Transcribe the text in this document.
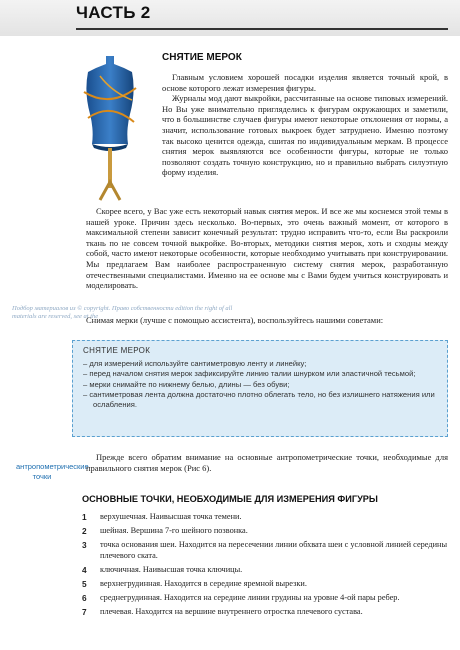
ЧАСТЬ 2
СНЯТИЕ МЕРОК

Главным условием хорошей посадки изделия является точный крой, в основе которого лежат измерения фигуры.

Журналы мод дают выкройки, рассчитанные на основе типовых измерений. Но Вы уже внимательно пригляделись к фигурам окружающих и заметили, что в большинстве случаев фигуры имеют некоторые отклонения от нормы, а значит, использование готовых выкроек будет затруднено. Именно поэтому так высоко ценится одежда, сшитая по индивидуальным меркам. В процессе снятия мерок выявляются все особенности фигуры, которые не только позволяют создать точную конструкцию, но и правильно выбрать силуэтную форму изделия.

Скорее всего, у Вас уже есть некоторый навык снятия мерок. И все же мы коснемся этой темы в нашей уроке. Причин здесь несколько. Во-первых, это очень важный момент, от которого в максимальной степени зависит конечный результат: трудно исправить что-то, если Вы раскроили ткань по не совсем точной выкройке. Во-вторых, методики снятия мерок, хоть и сходны между собой, часто имеют некоторые особенности, которые необходимо учитывать при конструировании. Мы предлагаем Вам наиболее распространенную систему снятия мерок, разработанную отечественными специалистами. Именно на ее основе мы с Вами будем учиться конструировать и моделировать.

Подбор материалов из © copyright. Право собственности edition the right of all materials are reserved, see at the
Снимая мерки (лучше с помощью ассистента), воспользуйтесь нашими советами:
СНЯТИЕ МЕРОК
– для измерений используйте сантиметровую ленту и линейку;
– перед началом снятия мерок зафиксируйте линию талии шнурком или эластичной тесьмой;
– мерки снимайте по нижнему белью, длины — без обуви;
– сантиметровая лента должна достаточно плотно облегать тело, но без излишнего натяжения или ослабления.
антропометрические точки

Прежде всего обратим внимание на основные антропометрические точки, необходимые для правильного снятия мерок (Рис 6).

ОСНОВНЫЕ ТОЧКИ, НЕОБХОДИМЫЕ ДЛЯ ИЗМЕРЕНИЯ ФИГУРЫ
1	верхушечная. Наивысшая точка темени.
2	шейная. Вершина 7-го шейного позвонка.
3	точка основания шеи. Находится на пересечении линии обхвата шеи с условной линией середины плечевого ската.
4	ключичная. Наивысшая точка ключицы.
5	верхнегрудинная. Находится в середине яремной вырезки.
6	среднегрудинная. Находится на середине линии грудины на уровне 4-ой пары ребер.
7	плечевая. Находится на вершине внутреннего отростка плечевого сустава.
